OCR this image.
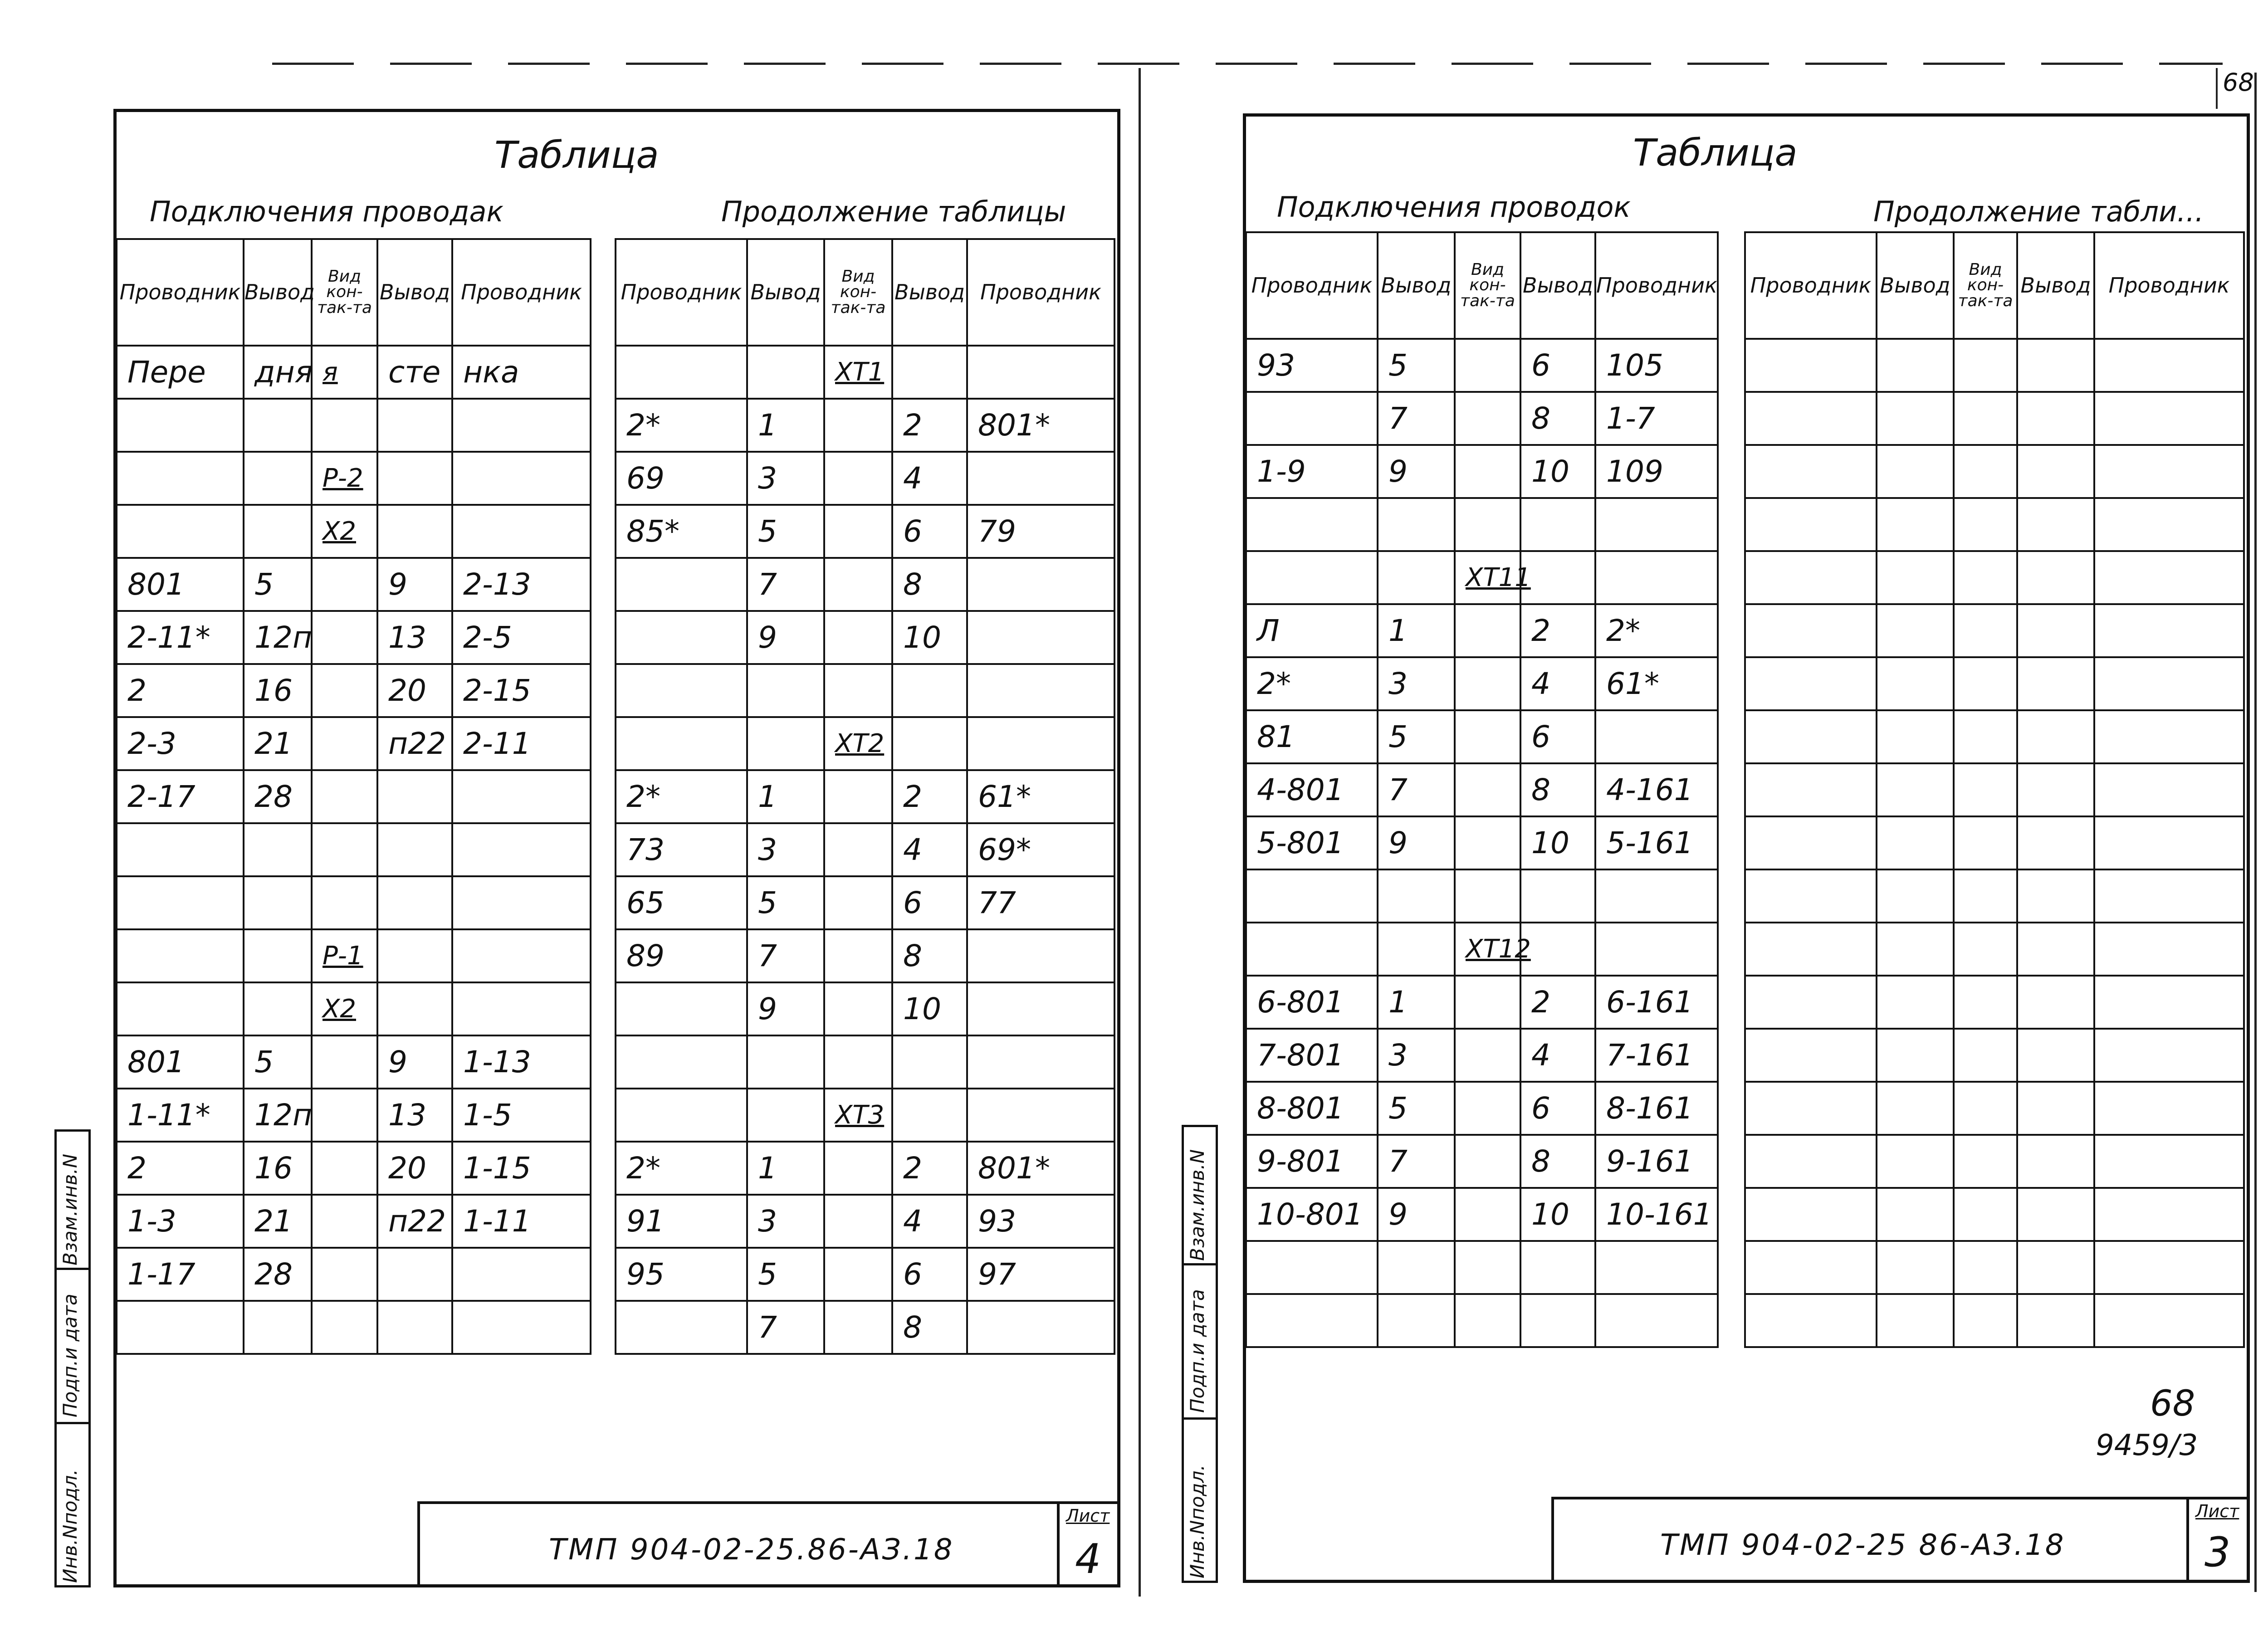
Таблица
Подключения проводак	Продолжение таблицы
Проводник	Вывод	Вид кон-так-та	Вывод	Проводник
Пере	дня	я	сте	нка

		Р-2		
		Х2		
801	5		9	2-13
2-11*	12п		13	2-5
2	16		20	2-15
2-3	21		п22	2-11
2-17	28			

		Р-1		
		Х2		
801	5		9	1-13
1-11*	12п		13	1-5
2	16		20	1-15
1-3	21		п22	1-11
1-17	28			

Проводник	Вывод	Вид кон-так-та	Вывод	Проводник
		ХТ1		
2*	1		2	801*
69	3		4	
85*	5		6	79
	7		8	
	9		10	

		ХТ2		
2*	1		2	61*
73	3		4	69*
65	5		6	77
89	7		8	
	9		10	

		ХТ3		
2*	1		2	801*
91	3		4	93
95	5		6	97
	7		8	
ТМП 904-02-25.86-АЗ.18
Лист
4
Взам.инв.N
Подп.и дата
Инв.Nподл.
68
Таблица
Подключения проводок	Продолжение табли...
Проводник	Вывод	Вид кон-так-та	Вывод	Проводник
93	5		6	105
	7		8	1-7
1-9	9		10	109

		ХТ11		
Л	1		2	2*
2*	3		4	61*
81	5		6	
4-801	7		8	4-161
5-801	9		10	5-161

		ХТ12		
6-801	1		2	6-161
7-801	3		4	7-161
8-801	5		6	8-161
9-801	7		8	9-161
10-801	9		10	10-161

Проводник	Вывод	Вид кон-так-та	Вывод	Проводник

68
9459/3
ТМП 904-02-25 86-АЗ.18
Лист
3
Взам.инв.N
Подп.и дата
Инв.Nподл.
